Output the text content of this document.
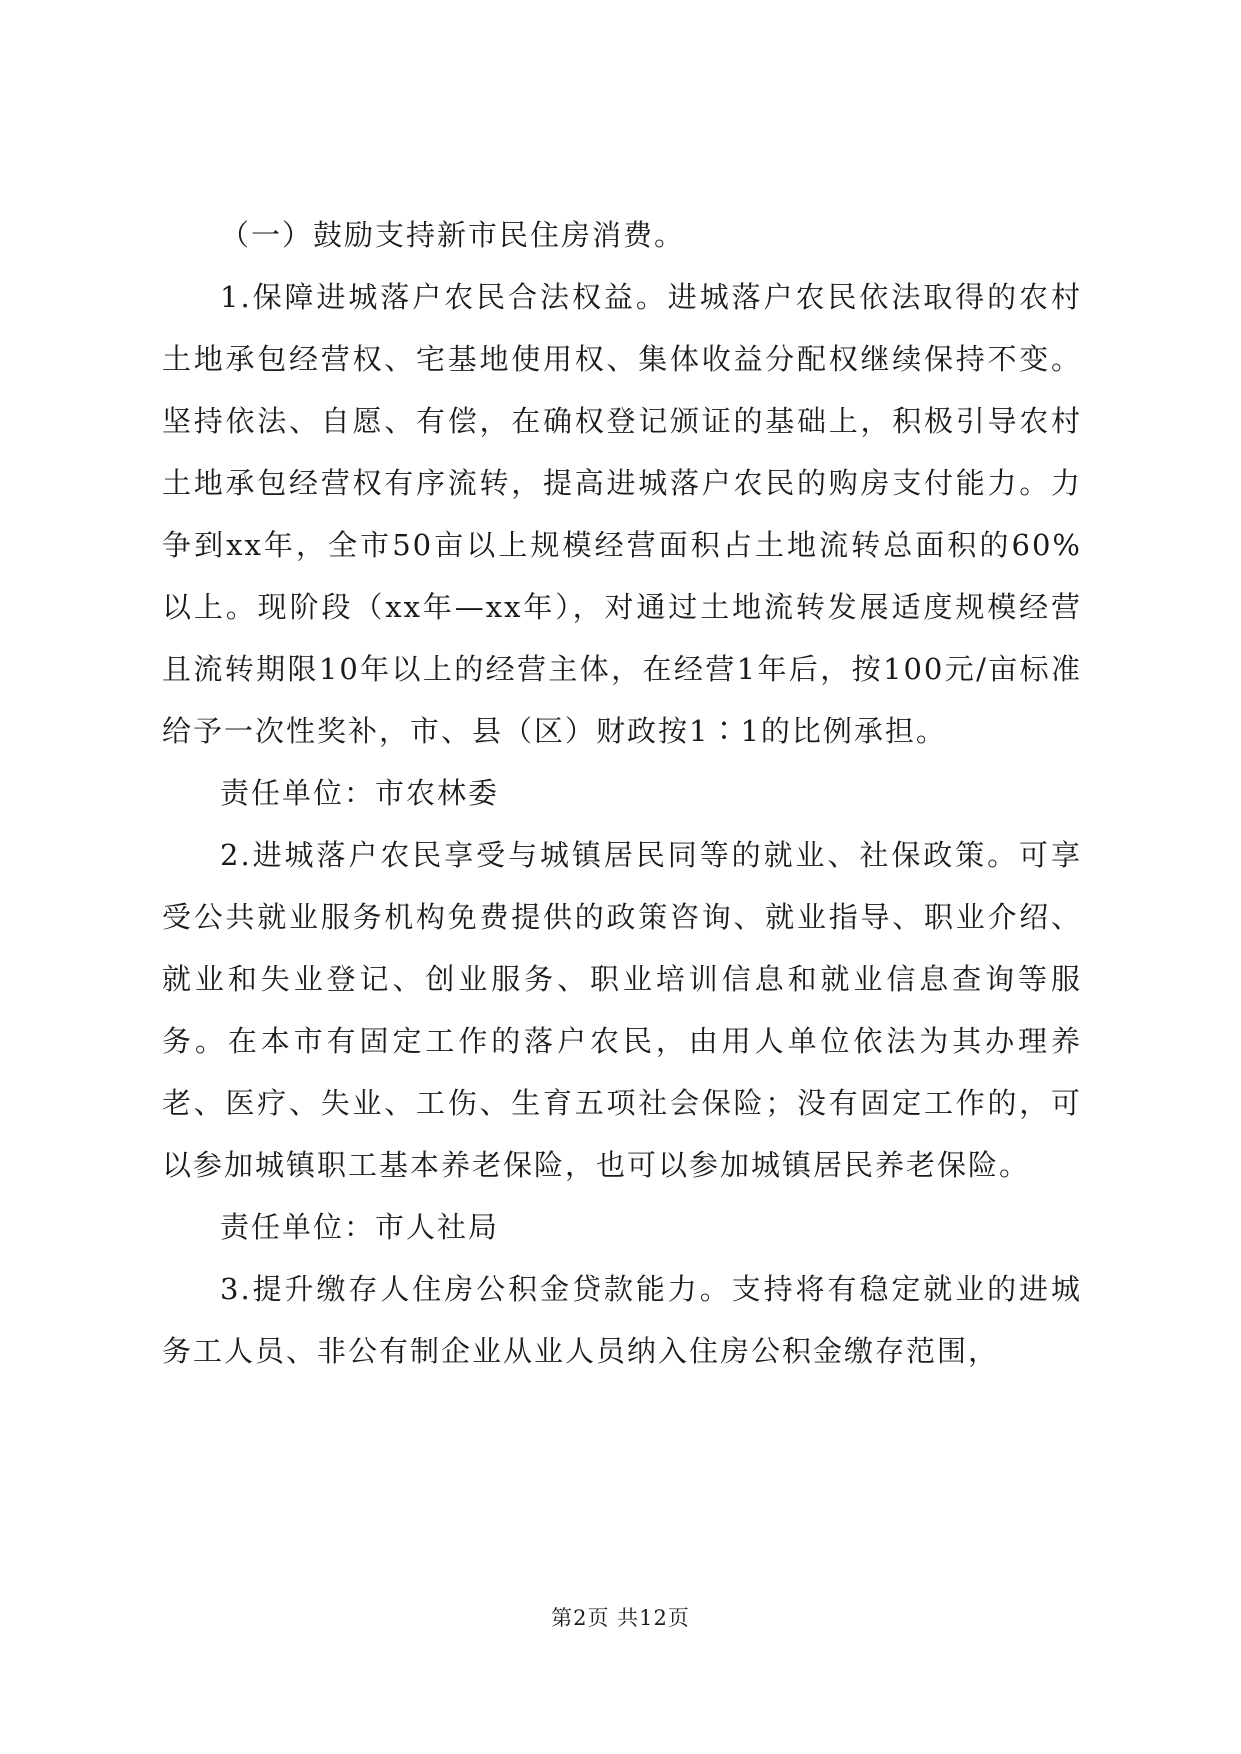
（一）鼓励支持新市民住房消费。

1.保障进城落户农民合法权益。进城落户农民依法取得的农村土地承包经营权、宅基地使用权、集体收益分配权继续保持不变。坚持依法、自愿、有偿，在确权登记颁证的基础上，积极引导农村土地承包经营权有序流转，提高进城落户农民的购房支付能力。力争到xx年，全市50亩以上规模经营面积占土地流转总面积的60%以上。现阶段（xx年—xx年），对通过土地流转发展适度规模经营且流转期限10年以上的经营主体，在经营1年后，按100元/亩标准给予一次性奖补，市、县（区）财政按1∶1的比例承担。

责任单位：市农林委

2.进城落户农民享受与城镇居民同等的就业、社保政策。可享受公共就业服务机构免费提供的政策咨询、就业指导、职业介绍、就业和失业登记、创业服务、职业培训信息和就业信息查询等服务。在本市有固定工作的落户农民，由用人单位依法为其办理养老、医疗、失业、工伤、生育五项社会保险；没有固定工作的，可以参加城镇职工基本养老保险，也可以参加城镇居民养老保险。

责任单位：市人社局

3.提升缴存人住房公积金贷款能力。支持将有稳定就业的进城务工人员、非公有制企业从业人员纳入住房公积金缴存范围，

第2页 共12页
